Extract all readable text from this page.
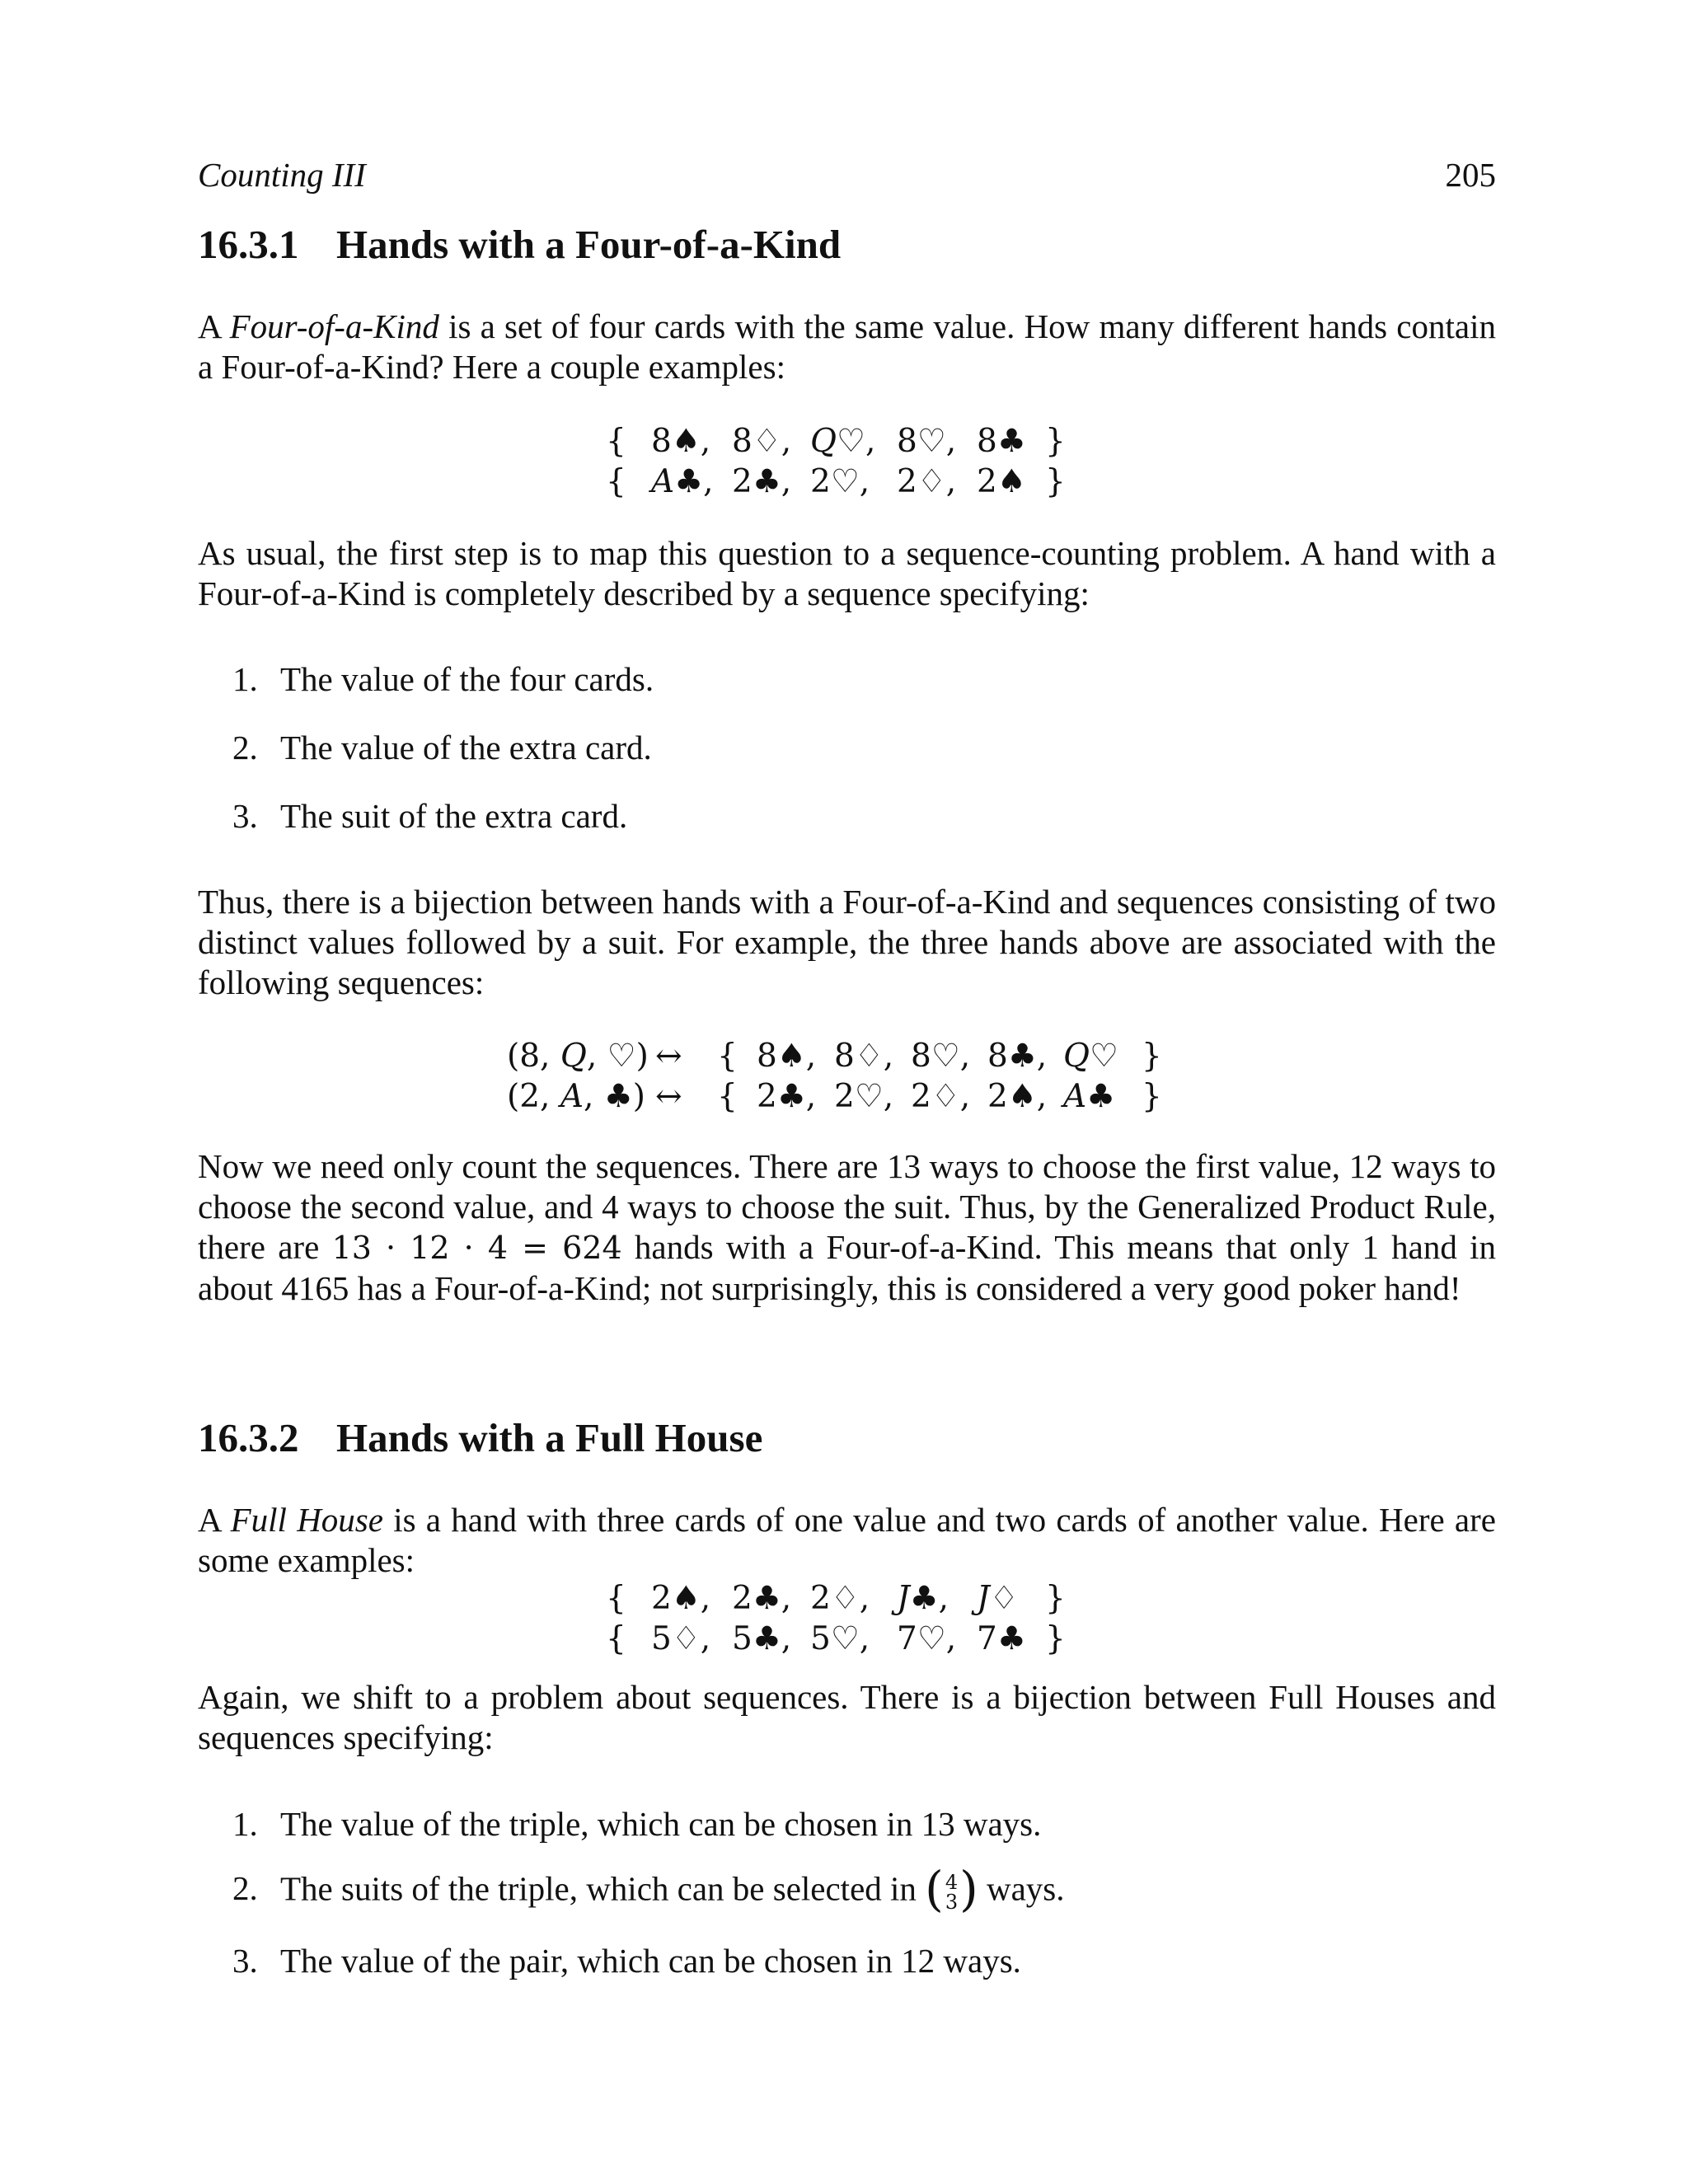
Counting III	205
16.3.1 Hands with a Four-of-a-Kind

A Four-of-a-Kind is a set of four cards with the same value. How many different hands contain a Four-of-a-Kind? Here a couple examples:

{ 8♠, 8♢, Q♡, 8♡, 8♣ }
{ A♣, 2♣, 2♡, 2♢, 2♠ }

As usual, the first step is to map this question to a sequence-counting problem. A hand with a Four-of-a-Kind is completely described by a sequence specifying:

1. The value of the four cards.
2. The value of the extra card.
3. The suit of the extra card.

Thus, there is a bijection between hands with a Four-of-a-Kind and sequences consisting of two distinct values followed by a suit. For example, the three hands above are associated with the following sequences:

(8, Q, ♡) ↔ { 8♠, 8♢, 8♡, 8♣, Q♡ }
(2, A, ♣) ↔ { 2♣, 2♡, 2♢, 2♠, A♣ }

Now we need only count the sequences. There are 13 ways to choose the first value, 12 ways to choose the second value, and 4 ways to choose the suit. Thus, by the Generalized Product Rule, there are 13 · 12 · 4 = 624 hands with a Four-of-a-Kind. This means that only 1 hand in about 4165 has a Four-of-a-Kind; not surprisingly, this is considered a very good poker hand!

16.3.2 Hands with a Full House

A Full House is a hand with three cards of one value and two cards of another value. Here are some examples:

{ 2♠, 2♣, 2♢, J♣, J♢ }
{ 5♢, 5♣, 5♡, 7♡, 7♣ }

Again, we shift to a problem about sequences. There is a bijection between Full Houses and sequences specifying:

1. The value of the triple, which can be chosen in 13 ways.
2. The suits of the triple, which can be selected in ( 4
3 ) ways.
3. The value of the pair, which can be chosen in 12 ways.
